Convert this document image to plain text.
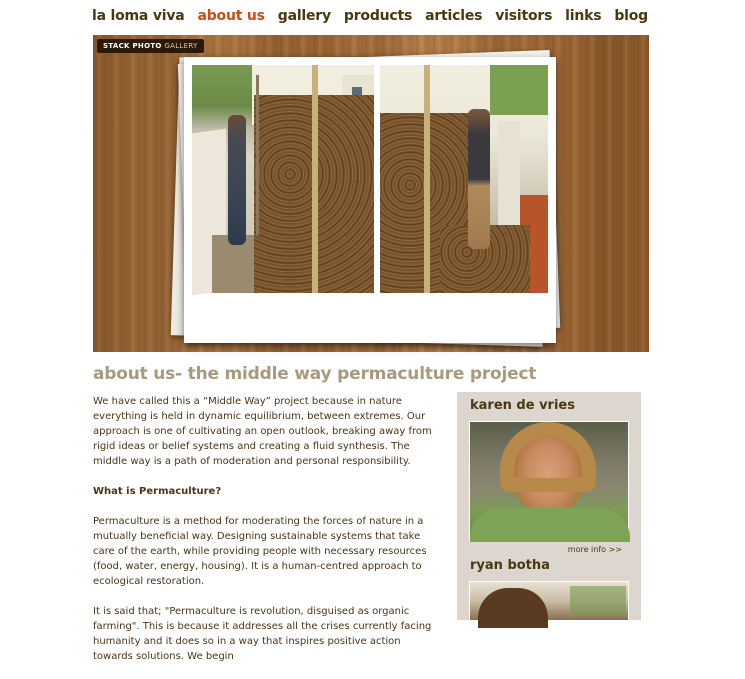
la loma viva about us gallery products articles visitors links blog
STACK PHOTO GALLERY
about us- the middle way permaculture project

We have called this a “Middle Way” project because in nature everything is held in dynamic equilibrium, between extremes. Our approach is one of cultivating an open outlook, breaking away from rigid ideas or belief systems and creating a fluid synthesis. The middle way is a path of moderation and personal responsibility.

What is Permaculture?

Permaculture is a method for moderating the forces of nature in a mutually beneficial way. Designing sustainable systems that take care of the earth, while providing people with necessary resources (food, water, energy, housing). It is a human-centred approach to ecological restoration.

It is said that; "Permaculture is revolution, disguised as organic farming". This is because it addresses all the crises currently facing humanity and it does so in a way that inspires positive action towards solutions. We begin

karen de vries
more info >>
ryan botha
